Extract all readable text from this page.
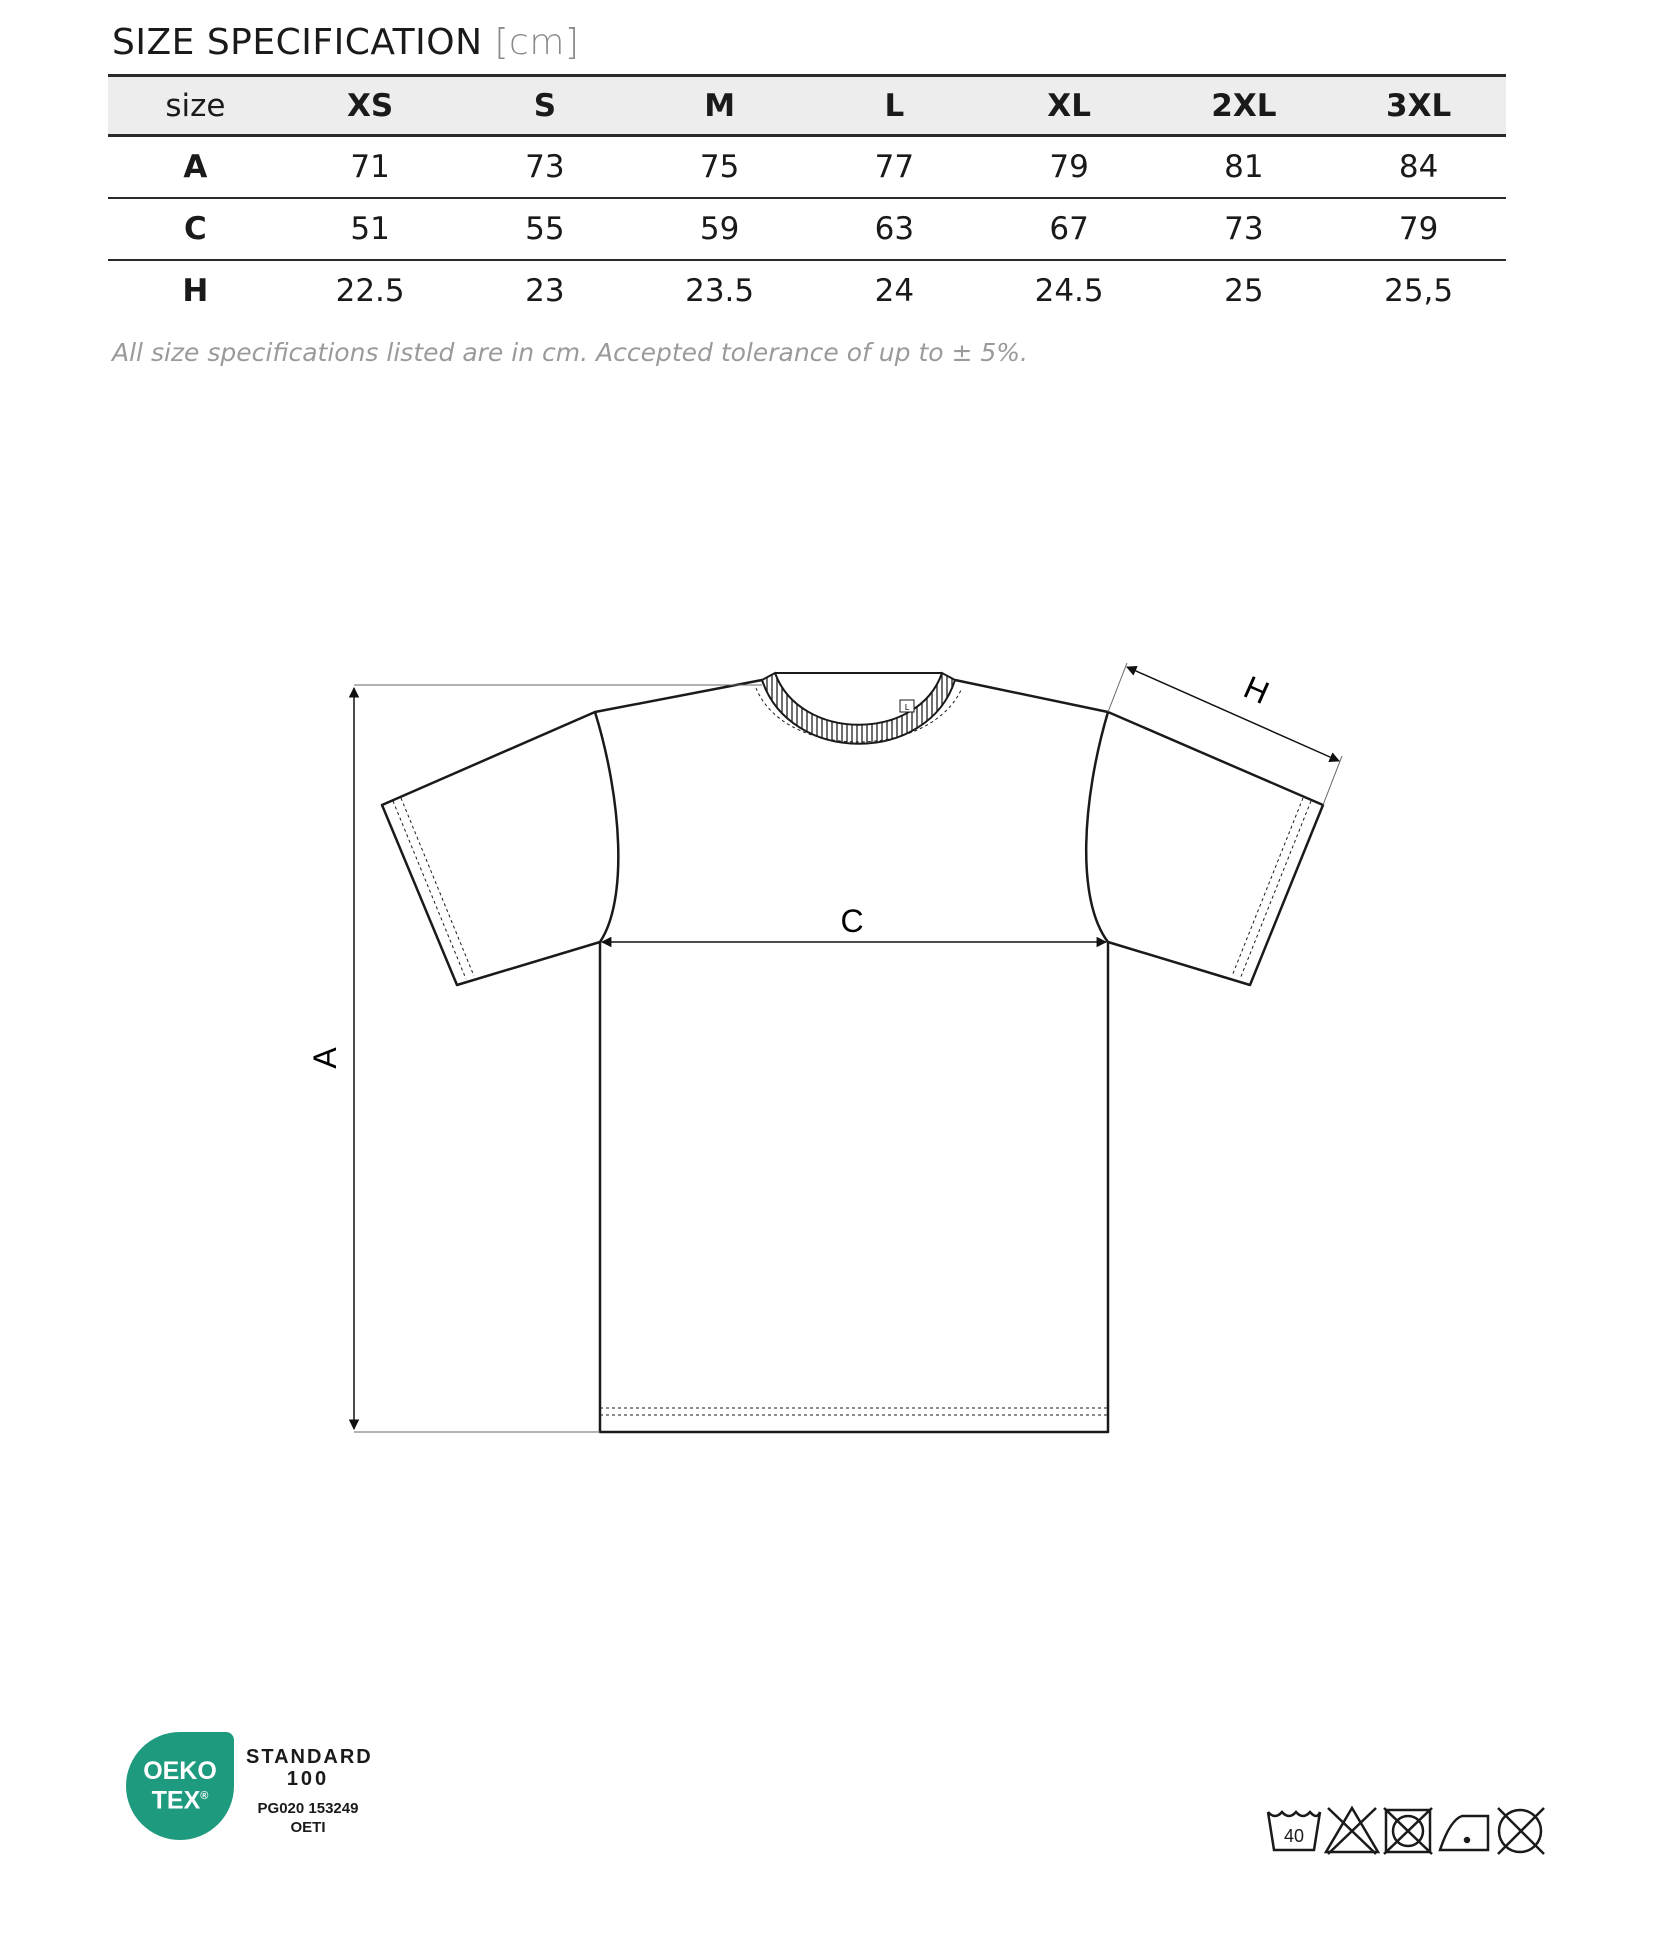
SIZE SPECIFICATION [cm]
size	XS	S	M	L	XL	2XL	3XL
A	71	73	75	77	79	81	84
C	51	55	59	63	67	73	79
H	22.5	23	23.5	24	24.5	25	25,5
All size specifications listed are in cm. Accepted tolerance of up to ± 5%.
L
A
C
H
OEKO
TEX®
STANDARD
100
PG020 153249
OETI	40
